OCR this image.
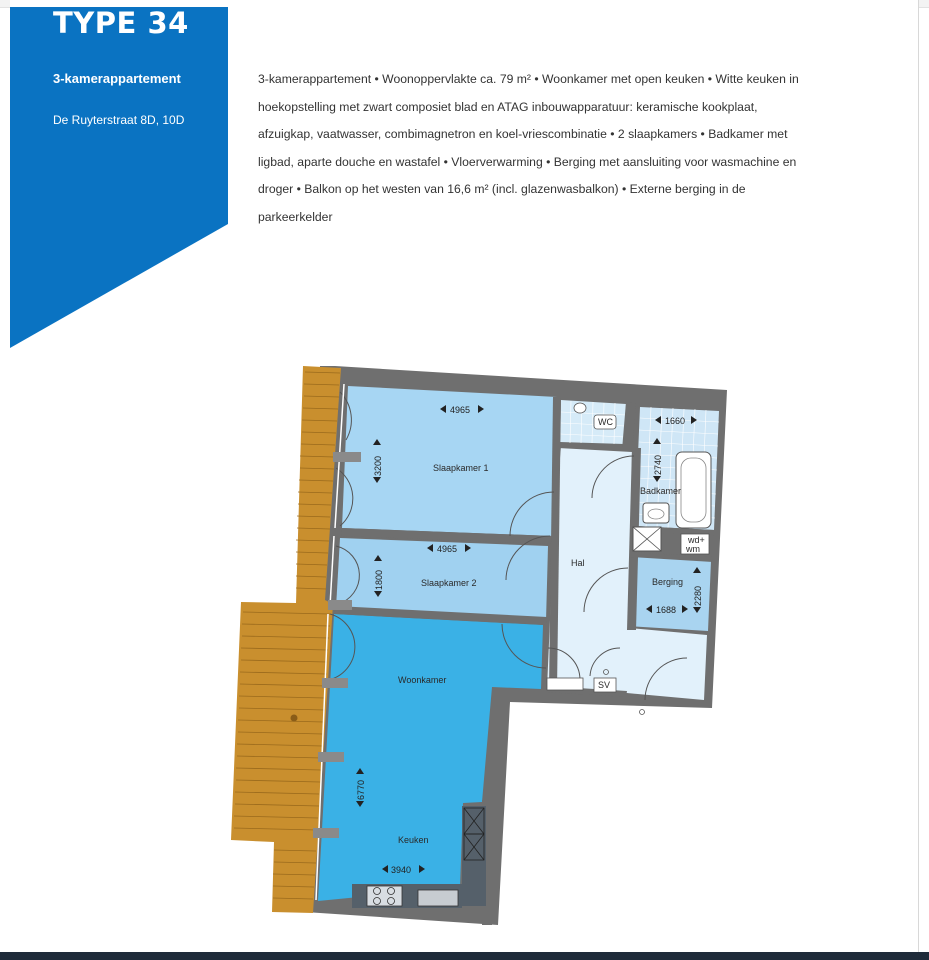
TYPE 34
3-kamerappartement
De Ruyterstraat 8D, 10D
3-kamerappartement • Woonoppervlakte ca. 79 m² • Woonkamer met open keuken • Witte keuken in hoekopstelling met zwart composiet blad en ATAG inbouwapparatuur: keramische kookplaat, afzuigkap, vaatwasser, combimagnetron en koel-vriescombinatie • 2 slaapkamers • Badkamer met ligbad, aparte douche en wastafel • Vloerverwarming • Berging met aansluiting voor wasmachine en droger • Balkon op het westen van 16,6 m² (incl. glazenwasbalkon) • Externe berging in de parkeerkelder
Slaapkamer 1
Slaapkamer 2
Woonkamer
Keuken
Hal
Badkamer
Berging
WC
SV
wd+
wm
4965
4965
3940
1660
1688
3200
1800
6770
2740
2280
